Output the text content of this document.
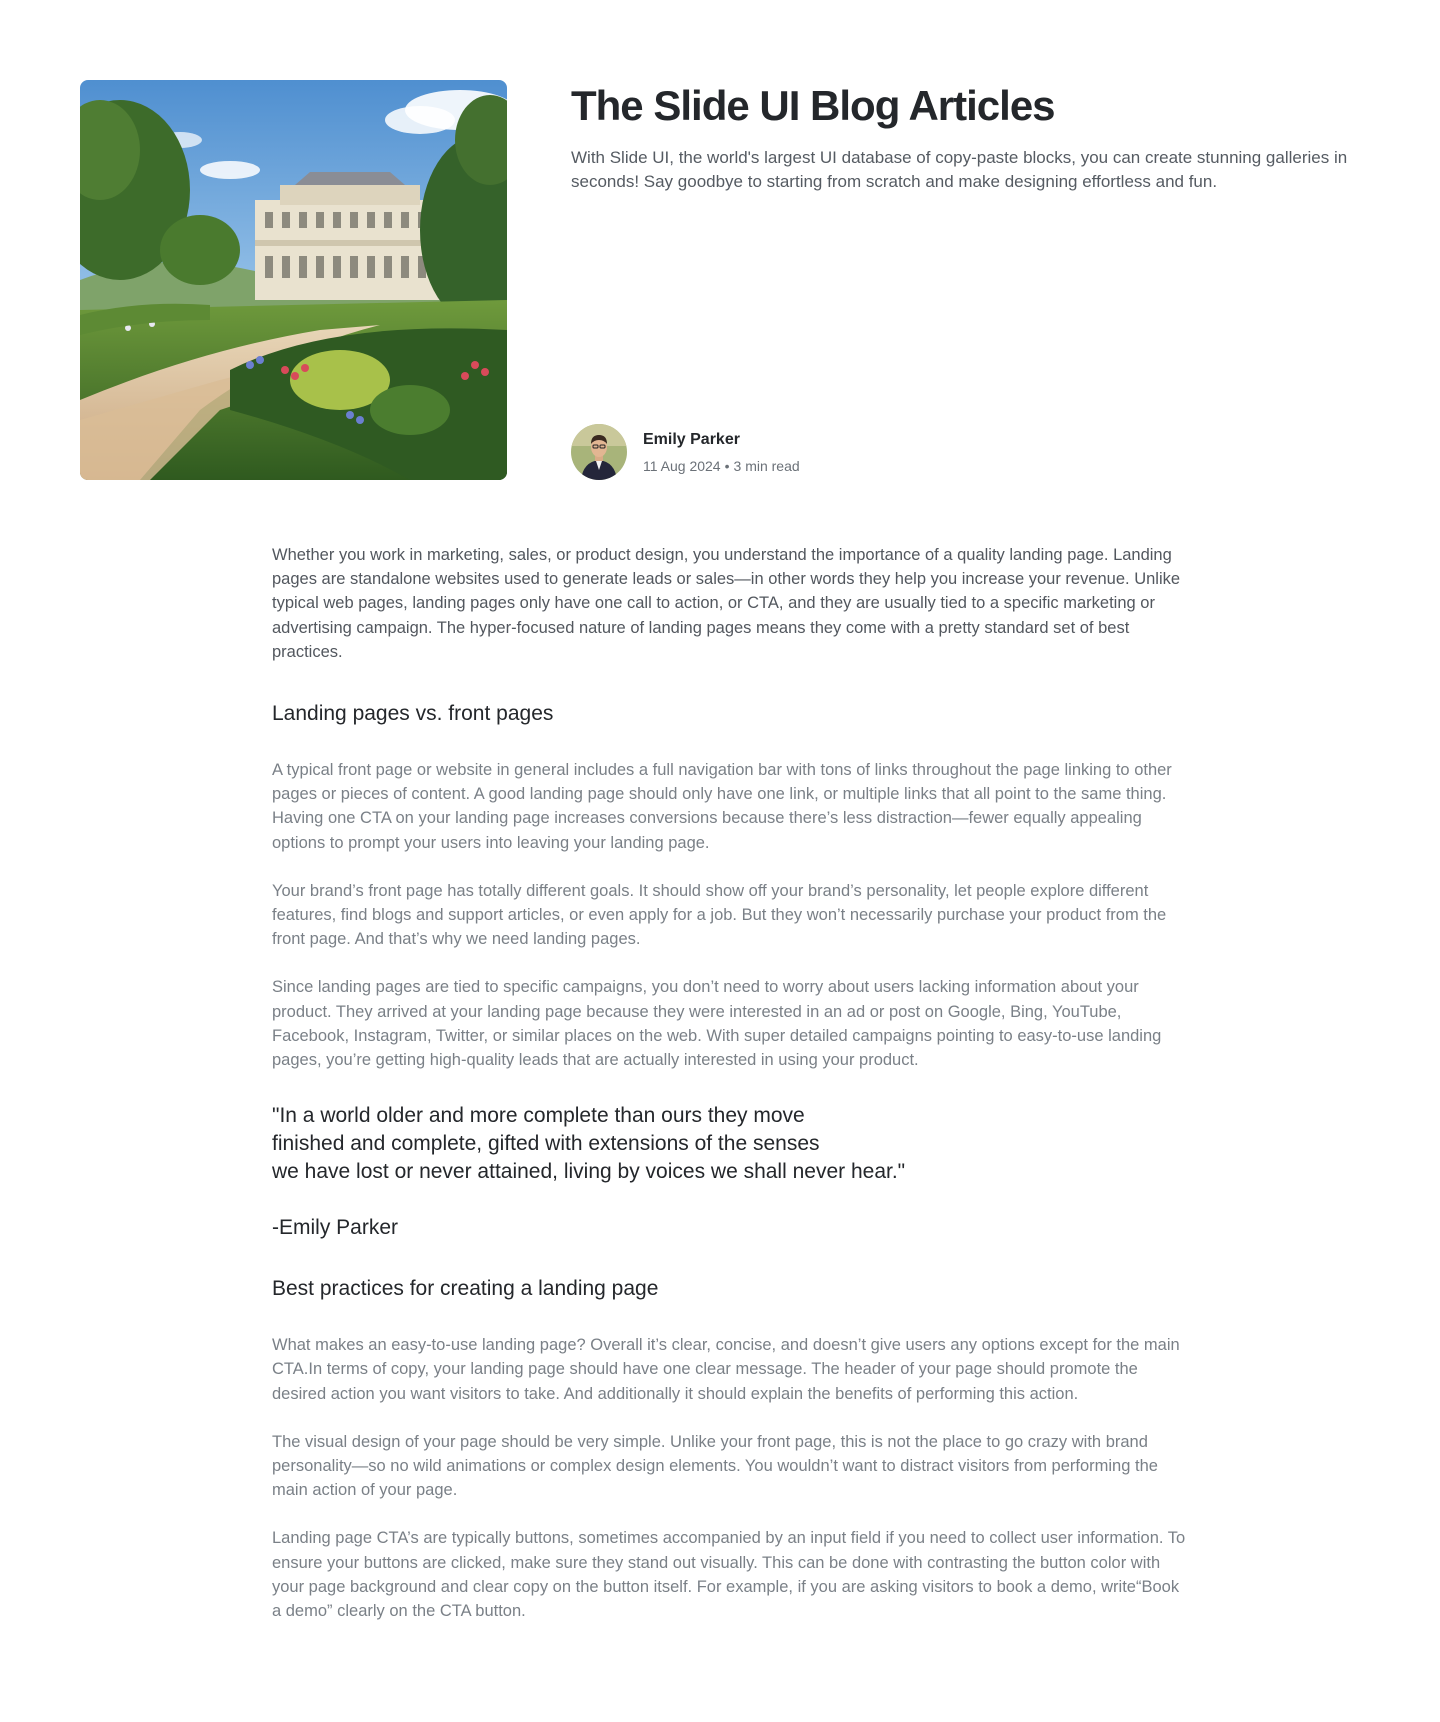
The Slide UI Blog Articles

With Slide UI, the world's largest UI database of copy-paste blocks, you can create stunning galleries in seconds! Say goodbye to starting from scratch and make designing effortless and fun.

Emily Parker
11 Aug 2024 • 3 min read

Whether you work in marketing, sales, or product design, you understand the importance of a quality landing page. Landing pages are standalone websites used to generate leads or sales—in other words they help you increase your revenue. Unlike typical web pages, landing pages only have one call to action, or CTA, and they are usually tied to a specific marketing or advertising campaign. The hyper-focused nature of landing pages means they come with a pretty standard set of best practices.

Landing pages vs. front pages

A typical front page or website in general includes a full navigation bar with tons of links throughout the page linking to other pages or pieces of content. A good landing page should only have one link, or multiple links that all point to the same thing. Having one CTA on your landing page increases conversions because there’s less distraction—fewer equally appealing options to prompt your users into leaving your landing page.

Your brand’s front page has totally different goals. It should show off your brand’s personality, let people explore different features, find blogs and support articles, or even apply for a job. But they won’t necessarily purchase your product from the front page. And that’s why we need landing pages.

Since landing pages are tied to specific campaigns, you don’t need to worry about users lacking information about your product. They arrived at your landing page because they were interested in an ad or post on Google, Bing, YouTube, Facebook, Instagram, Twitter, or similar places on the web. With super detailed campaigns pointing to easy-to-use landing pages, you’re getting high-quality leads that are actually interested in using your product.

"In a world older and more complete than ours they move
finished and complete, gifted with extensions of the senses
we have lost or never attained, living by voices we shall never hear."

-Emily Parker

Best practices for creating a landing page

What makes an easy-to-use landing page? Overall it’s clear, concise, and doesn’t give users any options except for the main CTA.In terms of copy, your landing page should have one clear message. The header of your page should promote the desired action you want visitors to take. And additionally it should explain the benefits of performing this action.

The visual design of your page should be very simple. Unlike your front page, this is not the place to go crazy with brand personality—so no wild animations or complex design elements. You wouldn’t want to distract visitors from performing the main action of your page.

Landing page CTA’s are typically buttons, sometimes accompanied by an input field if you need to collect user information. To ensure your buttons are clicked, make sure they stand out visually. This can be done with contrasting the button color with your page background and clear copy on the button itself. For example, if you are asking visitors to book a demo, write“Book a demo” clearly on the CTA button.
